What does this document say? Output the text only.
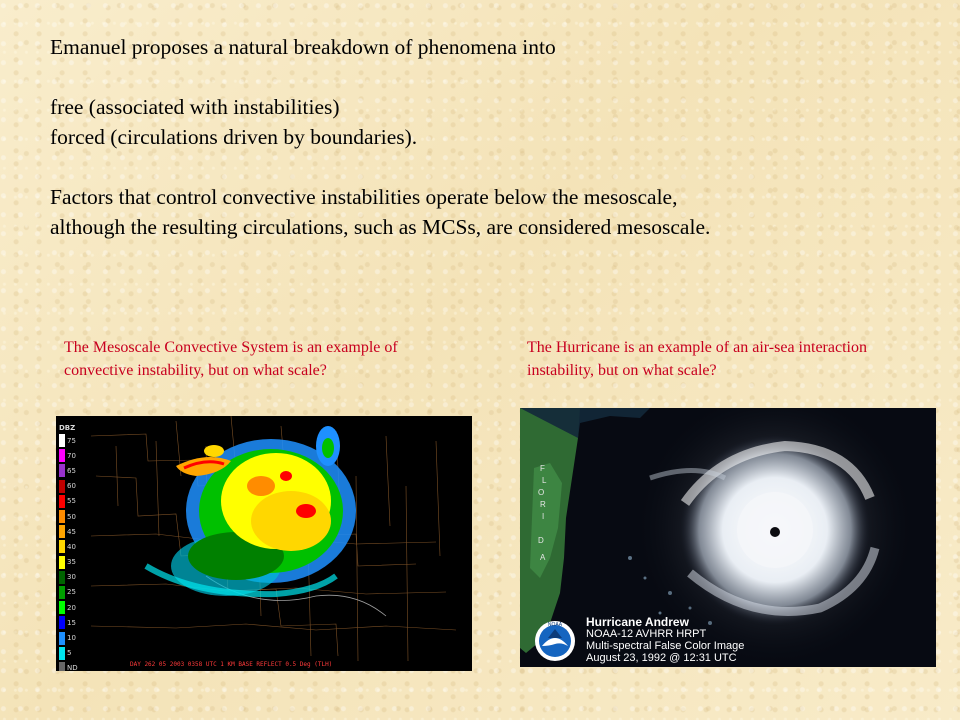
Emanuel proposes a natural breakdown of phenomena into

free (associated with instabilities)

forced (circulations driven by boundaries).

Factors that control convective instabilities operate below the mesoscale,

although the resulting circulations, such as MCSs, are considered mesoscale.

The Mesoscale Convective System is an example of convective instability, but on what scale?
The Hurricane is an example of an air-sea interaction instability, but on what scale?
DBZ
75
70
65
60
55
50
45
40
35
30
25
20
15
10
5
ND	DAY 262 05 2003 0358 UTC 1 KM BASE REFLECT 0.5 Deg (TLH)
F
L
O
R
I
D
A
NOAA Hurricane Andrew
NOAA-12 AVHRR HRPT
Multi-spectral False Color Image
August 23, 1992 @ 12:31 UTC
